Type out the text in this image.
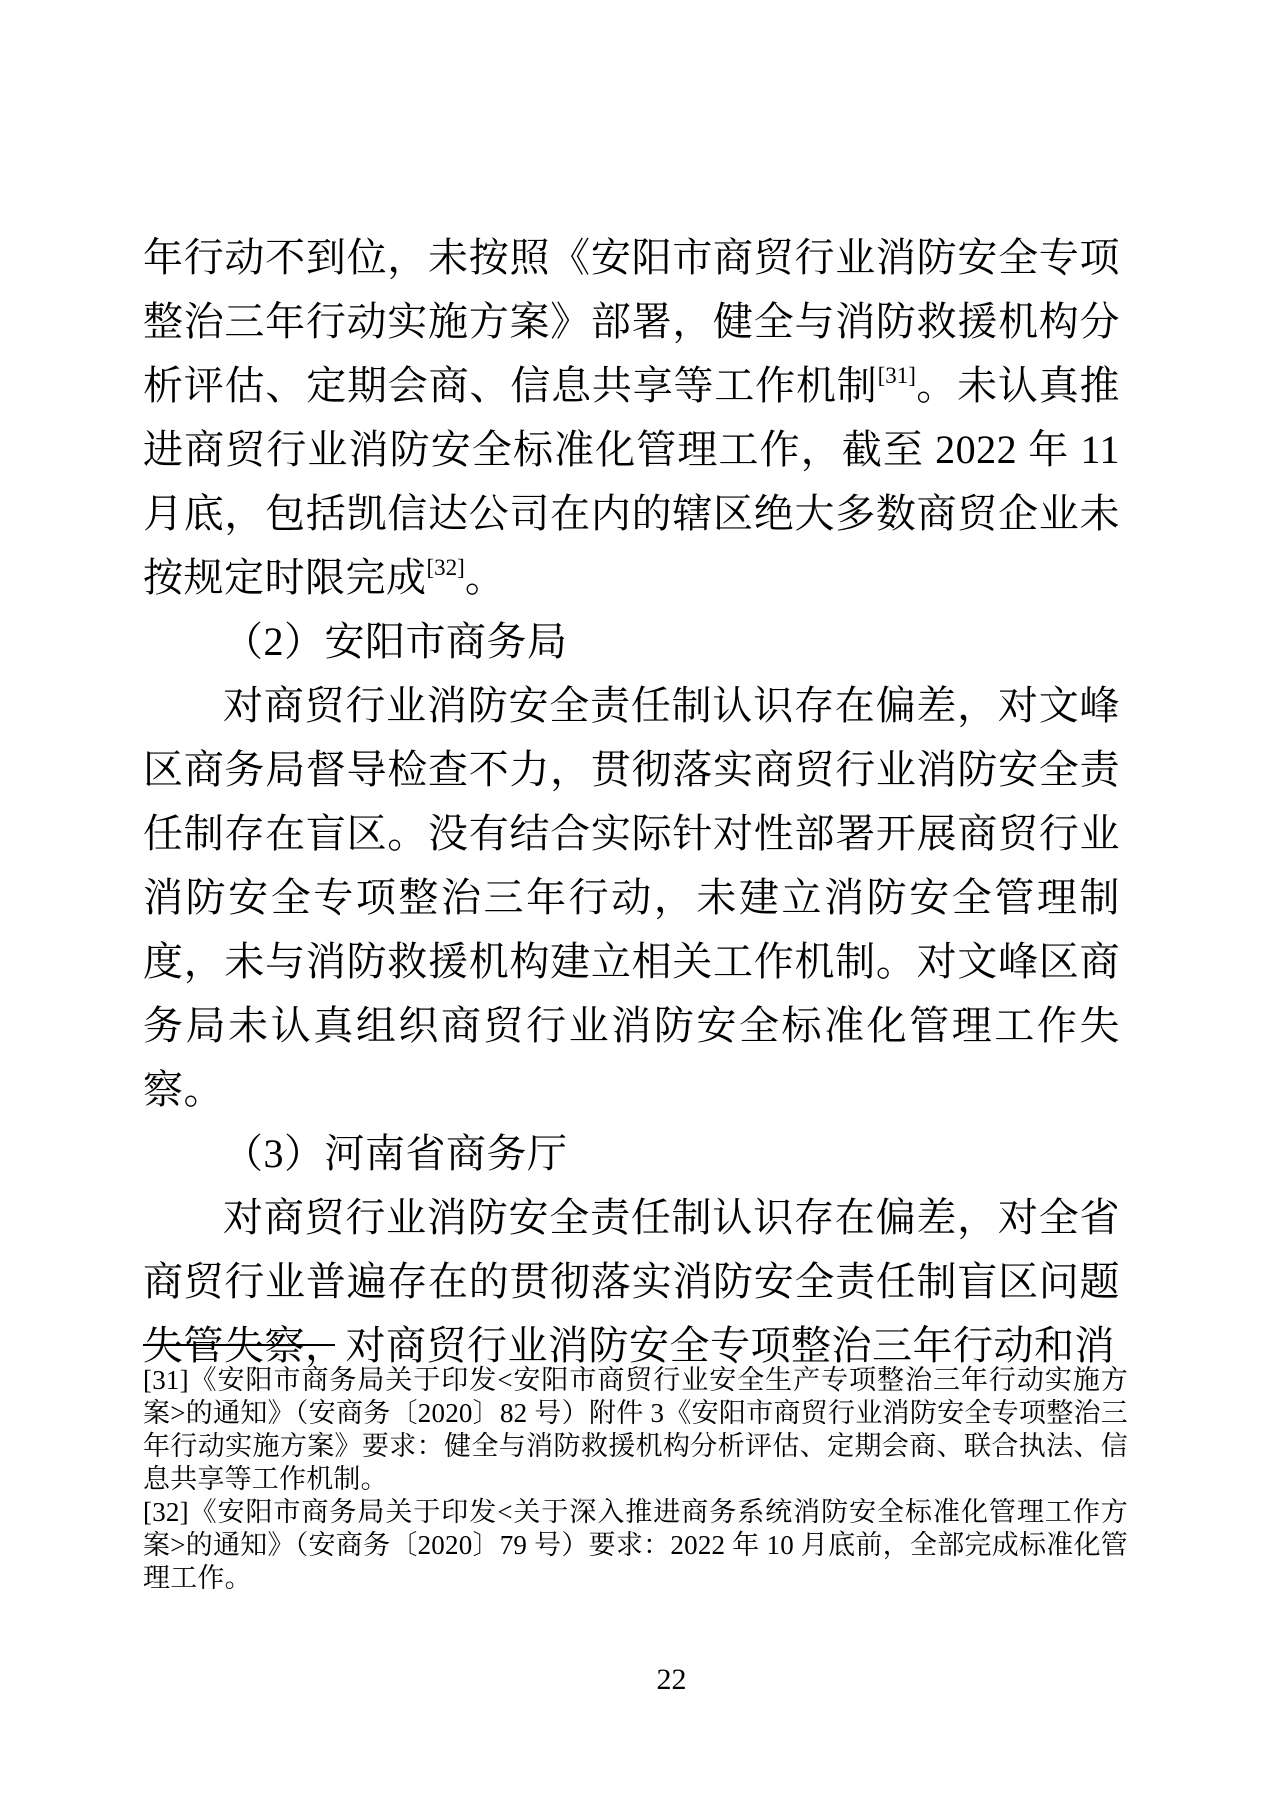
年行动不到位，未按照《安阳市商贸行业消防安全专项整治三年行动实施方案》部署，健全与消防救援机构分析评估、定期会商、信息共享等工作机制[31]。未认真推进商贸行业消防安全标准化管理工作，截至 2022 年 11 月底，包括凯信达公司在内的辖区绝大多数商贸企业未按规定时限完成[32]。

（2）安阳市商务局

对商贸行业消防安全责任制认识存在偏差，对文峰区商务局督导检查不力，贯彻落实商贸行业消防安全责任制存在盲区。没有结合实际针对性部署开展商贸行业消防安全专项整治三年行动，未建立消防安全管理制度，未与消防救援机构建立相关工作机制。对文峰区商务局未认真组织商贸行业消防安全标准化管理工作失察。

（3）河南省商务厅

对商贸行业消防安全责任制认识存在偏差，对全省商贸行业普遍存在的贯彻落实消防安全责任制盲区问题失管失察，对商贸行业消防安全专项整治三年行动和消

[31]《安阳市商务局关于印发<安阳市商贸行业安全生产专项整治三年行动实施方案>的通知》（安商务〔2020〕82 号）附件 3《安阳市商贸行业消防安全专项整治三年行动实施方案》要求：健全与消防救援机构分析评估、定期会商、联合执法、信息共享等工作机制。

[32]《安阳市商务局关于印发<关于深入推进商务系统消防安全标准化管理工作方案>的通知》（安商务〔2020〕79 号）要求：2022 年 10 月底前，全部完成标准化管理工作。

22
